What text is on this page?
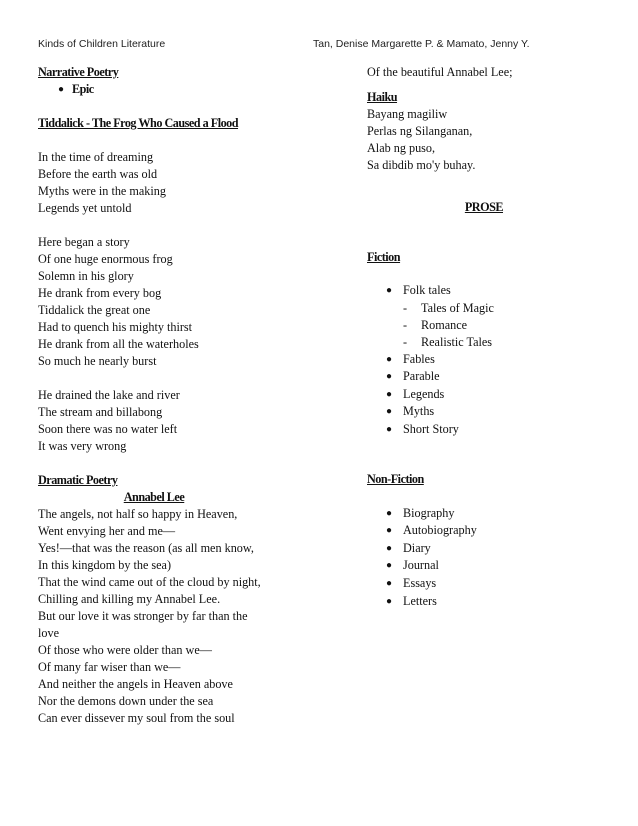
Kinds of Children Literature	Tan, Denise Margarette P. & Mamato, Jenny Y.
Narrative Poetry
● Epic
Tiddalick - The Frog Who Caused a Flood
In the time of dreaming
Before the earth was old
Myths were in the making
Legends yet untold
Here began a story
Of one huge enormous frog
Solemn in his glory
He drank from every bog
Tiddalick the great one
Had to quench his mighty thirst
He drank from all the waterholes
So much he nearly burst
He drained the lake and river
The stream and billabong
Soon there was no water left
It was very wrong
Dramatic Poetry
Annabel Lee
The angels, not half so happy in Heaven,
Went envying her and me—
Yes!—that was the reason (as all men know,
In this kingdom by the sea)
That the wind came out of the cloud by night,
Chilling and killing my Annabel Lee.
But our love it was stronger by far than the love
Of those who were older than we—
Of many far wiser than we—
And neither the angels in Heaven above
Nor the demons down under the sea
Can ever dissever my soul from the soul
Of the beautiful Annabel Lee;
Haiku
Bayang magiliw
Perlas ng Silanganan,
Alab ng puso,
Sa dibdib mo'y buhay.
PROSE
Fiction
● Folk tales
- Tales of Magic
- Romance
- Realistic Tales
● Fables
● Parable
● Legends
● Myths
● Short Story
Non-Fiction
● Biography
● Autobiography
● Diary
● Journal
● Essays
● Letters
